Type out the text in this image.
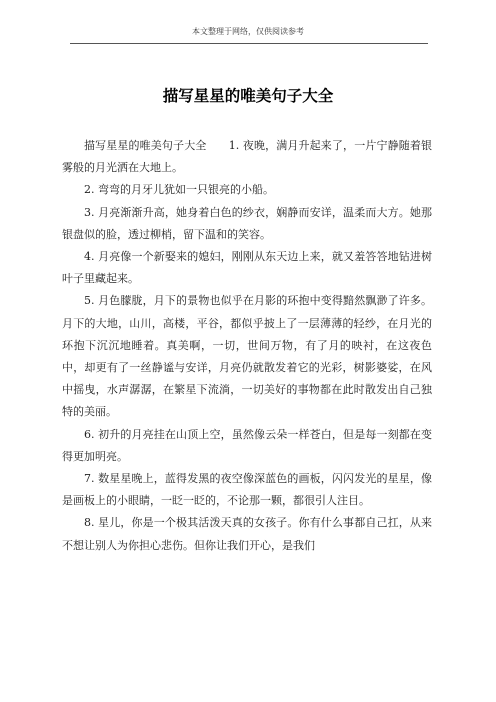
本文整理于网络，仅供阅读参考
描写星星的唯美句子大全

描写星星的唯美句子大全　　1. 夜晚，满月升起来了，一片宁静随着银雾般的月光洒在大地上。

2. 弯弯的月牙儿犹如一只银亮的小船。

3. 月亮渐渐升高，她身着白色的纱衣，娴静而安详，温柔而大方。她那银盘似的脸，透过柳梢，留下温和的笑容。

4. 月亮像一个新娶来的媳妇，刚刚从东天边上来，就又羞答答地钻进树叶子里藏起来。

5. 月色朦胧，月下的景物也似乎在月影的环抱中变得黯然飘渺了许多。月下的大地，山川，高楼，平谷，都似乎披上了一层薄薄的轻纱，在月光的环抱下沉沉地睡着。真美啊，一切，世间万物，有了月的映衬，在这夜色中，却更有了一丝静谧与安详，月亮仍就散发着它的光彩，树影婆娑，在风中摇曳，水声潺潺，在繁星下流淌，一切美好的事物都在此时散发出自己独特的美丽。

6. 初升的月亮挂在山顶上空，虽然像云朵一样苍白，但是每一刻都在变得更加明亮。

7. 数星星晚上，蓝得发黑的夜空像深蓝色的画板，闪闪发光的星星，像是画板上的小眼睛，一眨一眨的，不论那一颗，都很引人注目。

8. 星儿，你是一个极其活泼天真的女孩子。你有什么事都自己扛，从来不想让别人为你担心悲伤。但你让我们开心，是我们
